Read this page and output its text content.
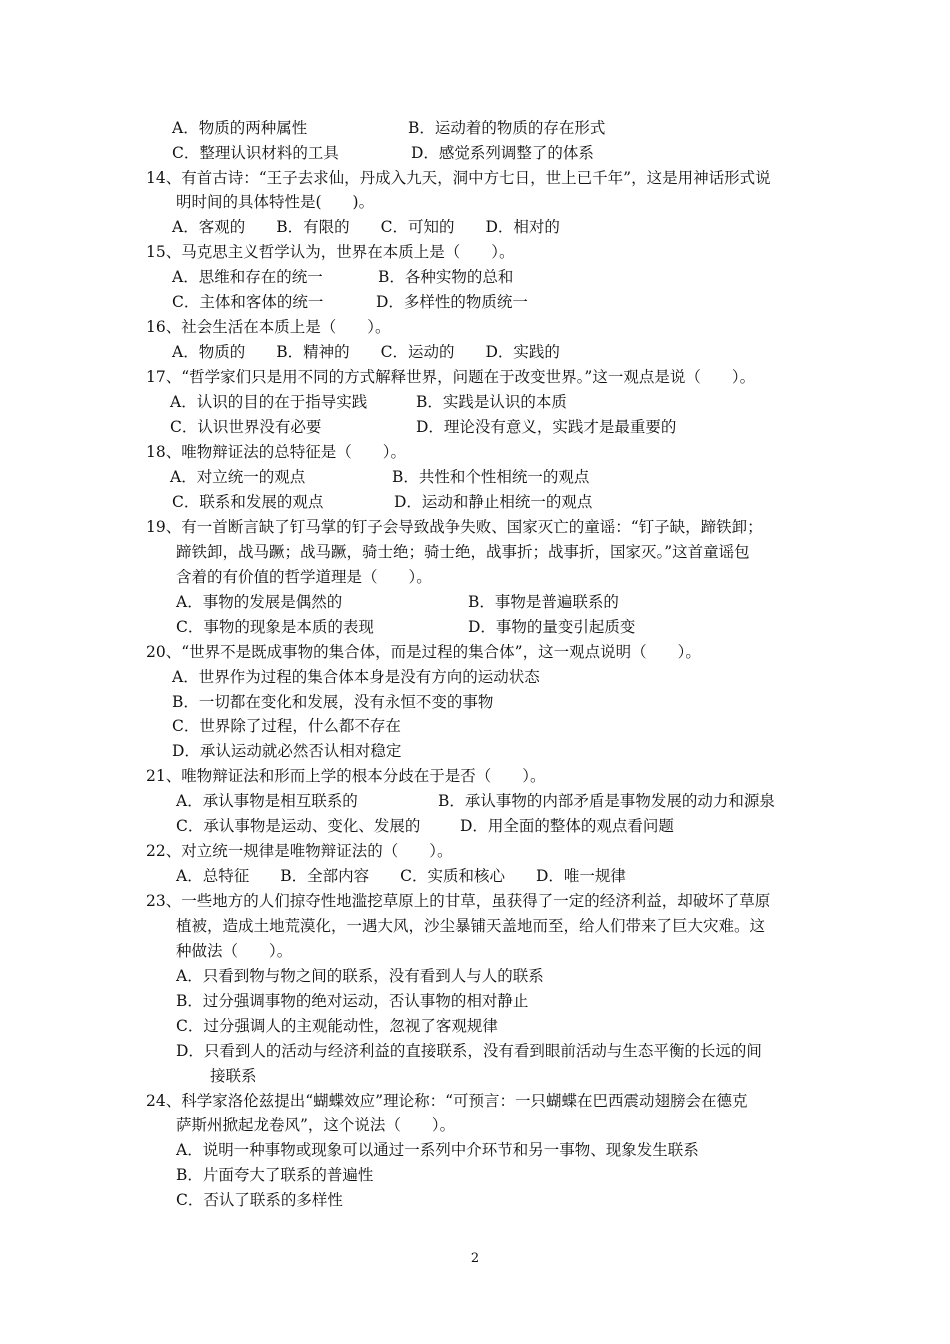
A．物质的两种属性	B．运动着的物质的存在形式
C．整理认识材料的工具	D．感觉系列调整了的体系
14、有首古诗：“王子去求仙，丹成入九天，洞中方七日，世上已千年”，这是用神话形式说
明时间的具体特性是(　　)。
A．客观的　　B．有限的　　C．可知的　　D．相对的
15、马克思主义哲学认为，世界在本质上是（　　）。
A．思维和存在的统一	B．各种实物的总和
C．主体和客体的统一	D．多样性的物质统一
16、社会生活在本质上是（　　）。
A．物质的　　B．精神的　　C．运动的　　D．实践的
17、“哲学家们只是用不同的方式解释世界，问题在于改变世界。”这一观点是说（　　）。
A．认识的目的在于指导实践	B．实践是认识的本质
C．认识世界没有必要	D．理论没有意义，实践才是最重要的
18、唯物辩证法的总特征是（　　）。
A．对立统一的观点	B．共性和个性相统一的观点
C．联系和发展的观点	D．运动和静止相统一的观点
19、有一首断言缺了钉马掌的钉子会导致战争失败、国家灭亡的童谣：“钉子缺，蹄铁卸；
蹄铁卸，战马蹶；战马蹶，骑士绝；骑士绝，战事折；战事折，国家灭。”这首童谣包
含着的有价值的哲学道理是（　　）。
A．事物的发展是偶然的	B．事物是普遍联系的
C．事物的现象是本质的表现	D．事物的量变引起质变
20、“世界不是既成事物的集合体，而是过程的集合体”，这一观点说明（　　）。
A．世界作为过程的集合体本身是没有方向的运动状态
B．一切都在变化和发展，没有永恒不变的事物
C．世界除了过程，什么都不存在
D．承认运动就必然否认相对稳定
21、唯物辩证法和形而上学的根本分歧在于是否（　　）。
A．承认事物是相互联系的	B．承认事物的内部矛盾是事物发展的动力和源泉
C．承认事物是运动、变化、发展的	D．用全面的整体的观点看问题
22、对立统一规律是唯物辩证法的（　　）。
A．总特征　　B．全部内容　　C．实质和核心　　D．唯一规律
23、一些地方的人们掠夺性地滥挖草原上的甘草，虽获得了一定的经济利益，却破坏了草原
植被，造成土地荒漠化，一遇大风，沙尘暴铺天盖地而至，给人们带来了巨大灾难。这
种做法（　　）。
A．只看到物与物之间的联系，没有看到人与人的联系
B．过分强调事物的绝对运动，否认事物的相对静止
C．过分强调人的主观能动性，忽视了客观规律
D．只看到人的活动与经济利益的直接联系，没有看到眼前活动与生态平衡的长远的间
接联系
24、科学家洛伦兹提出“蝴蝶效应”理论称：“可预言：一只蝴蝶在巴西震动翅膀会在德克
萨斯州掀起龙卷风”，这个说法（　　）。
A．说明一种事物或现象可以通过一系列中介环节和另一事物、现象发生联系
B．片面夸大了联系的普遍性
C．否认了联系的多样性
2
